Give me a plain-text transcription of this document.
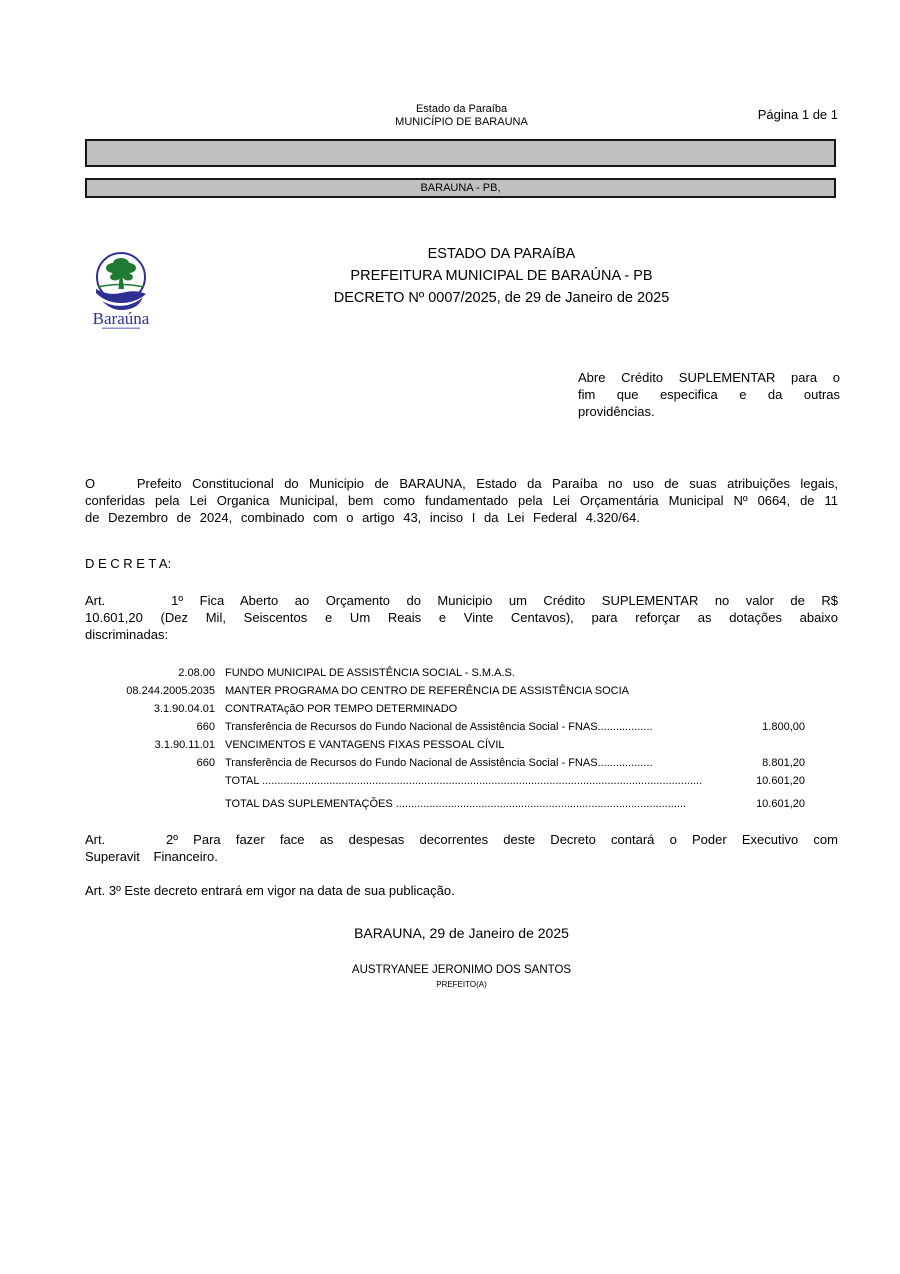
Estado da Paraíba
MUNICÍPIO DE BARAUNA	Página 1 de 1
BARAUNA - PB,
Baraúna
ESTADO DA PARAíBA
PREFEITURA MUNICIPAL DE BARAÚNA - PB
DECRETO Nº 0007/2025, de 29 de Janeiro de 2025
Abre Crédito SUPLEMENTAR para o fim que especifica e da outras providências.

O    Prefeito Constitucional do Municipio de BARAUNA, Estado da Paraíba no uso de suas atribuições legais, conferidas pela Lei Organica Municipal, bem como fundamentado pela Lei Orçamentária Municipal Nº 0664, de 11 de Dezembro de 2024, combinado com o artigo 43, inciso I da Lei Federal 4.320/64.

D E C R E T A:

Art.    1º Fica Aberto ao Orçamento do Municipio um Crédito SUPLEMENTAR no valor de R$ 10.601,20 (Dez Mil, Seiscentos e Um Reais e Vinte Centavos), para reforçar as dotações abaixo discriminadas:

2.08.00 FUNDO MUNICIPAL DE ASSISTÊNCIA SOCIAL - S.M.A.S.
08.244.2005.2035 MANTER PROGRAMA DO CENTRO DE REFERÊNCIA DE ASSISTÊNCIA SOCIA
3.1.90.04.01 CONTRATAçãO POR TEMPO DETERMINADO
660 Transferência de Recursos do Fundo Nacional de Assistência Social - FNAS..................	1.800,00
3.1.90.11.01 VENCIMENTOS E VANTAGENS FIXAS PESSOAL CÍVIL
660 Transferência de Recursos do Fundo Nacional de Assistência Social - FNAS..................	8.801,20
TOTAL ................................................................................................................................................	10.601,20
TOTAL DAS SUPLEMENTAÇÕES ...............................................................................................	10.601,20

Art.    2º Para fazer face as despesas decorrentes deste Decreto contará o Poder Executivo com Superavit Financeiro.

Art. 3º Este decreto entrará em vigor na data de sua publicação.

BARAUNA, 29 de Janeiro de 2025
AUSTRYANEE JERONIMO DOS SANTOS
PREFEITO(A)
